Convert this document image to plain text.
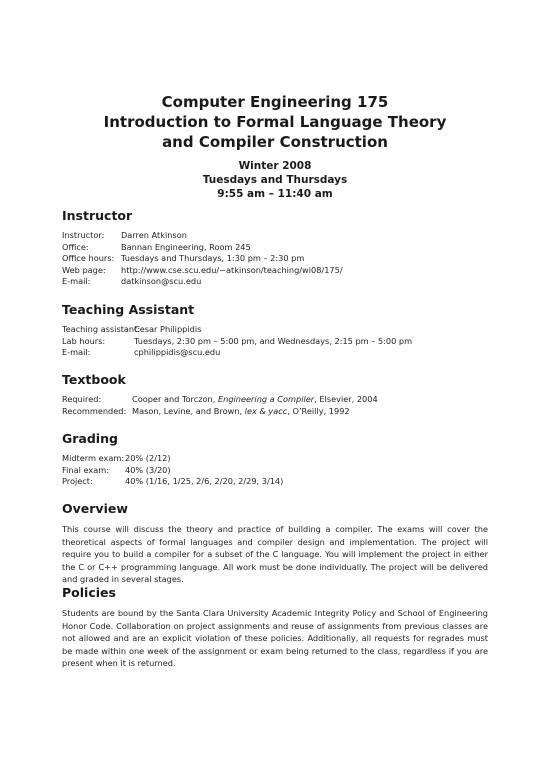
Computer Engineering 175
Introduction to Formal Language Theory
and Compiler Construction
Winter 2008
Tuesdays and Thursdays
9:55 am – 11:40 am
Instructor
Instructor:	Darren Atkinson
Office:	Bannan Engineering, Room 245
Office hours: Tuesdays and Thursdays, 1:30 pm – 2:30 pm
Web page:	http://www.cse.scu.edu/∼atkinson/teaching/wi08/175/
E-mail:	datkinson@scu.edu
Teaching Assistant
Teaching assistant:
Cesar Philippidis
Lab hours:	Tuesdays, 2:30 pm – 5:00 pm, and Wednesdays, 2:15 pm – 5:00 pm
E-mail:	cphilippidis@scu.edu
Textbook
Required:	Cooper and Torczon, Engineering a Compiler, Elsevier, 2004
Recommended: Mason, Levine, and Brown, lex & yacc, O’Reilly, 1992
Grading
Midterm exam: 20% (2/12)
Final exam:	40% (3/20)
Project:	40% (1/16, 1/25, 2/6, 2/20, 2/29, 3/14)
Overview

This course will discuss the theory and practice of building a compiler. The exams will cover the theoretical aspects of formal languages and compiler design and implementation. The project will require you to build a compiler for a subset of the C language. You will implement the project in either the C or C++ programming language. All work must be done individually. The project will be delivered and graded in several stages.

Policies

Students are bound by the Santa Clara University Academic Integrity Policy and School of Engineering Honor Code. Collaboration on project assignments and reuse of assignments from previous classes are not allowed and are an explicit violation of these policies. Additionally, all requests for regrades must be made within one week of the assignment or exam being returned to the class, regardless if you are present when it is returned.
